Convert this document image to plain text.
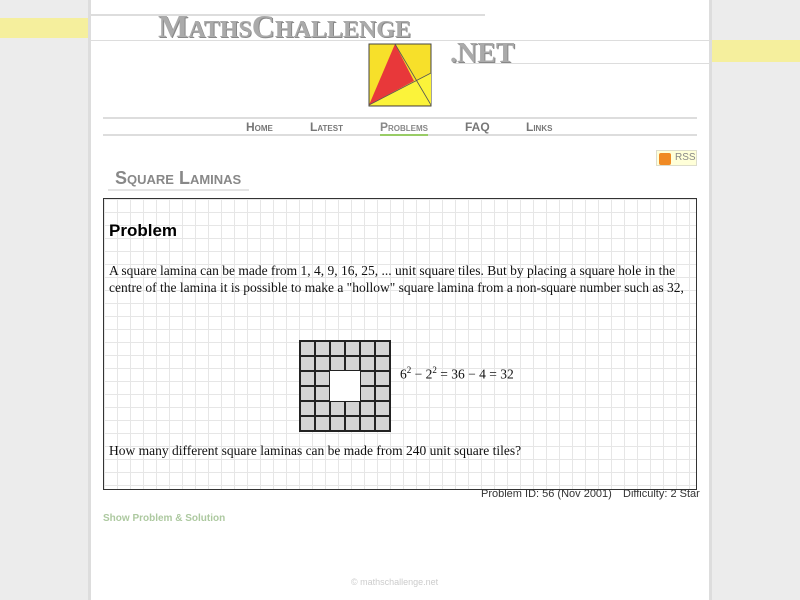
MATHSCHALLENGE
.NET
Home	Latest	Problems	FAQ	Links
RSS
Square Laminas
Problem

A square lamina can be made from 1, 4, 9, 16, 25, ... unit square tiles. But by placing a square hole in the centre of the lamina it is possible to make a "hollow" square lamina from a non-square number such as 32,

$6^2 - 2^2 = 36 - 4 = 32$

How many different square laminas can be made from 240 unit square tiles?

Problem ID: 56 (Nov 2001) Difficulty: 2 Star
Show Problem & Solution
© mathschallenge.net
